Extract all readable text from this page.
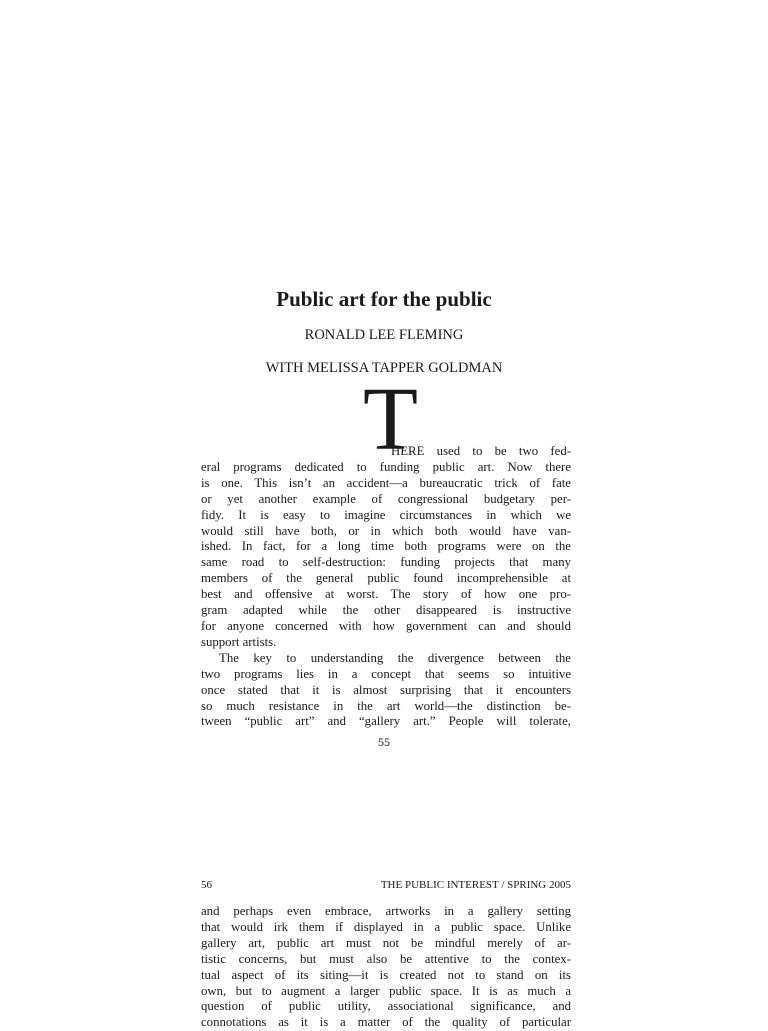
Public art for the public
RONALD LEE FLEMING
WITH MELISSA TAPPER GOLDMAN
T
HERE used to be two fed-
eral programs dedicated to funding public art. Now there
is one. This isn’t an accident—a bureaucratic trick of fate
or yet another example of congressional budgetary per-
fidy. It is easy to imagine circumstances in which we
would still have both, or in which both would have van-
ished. In fact, for a long time both programs were on the
same road to self-destruction: funding projects that many
members of the general public found incomprehensible at
best and offensive at worst. The story of how one pro-
gram adapted while the other disappeared is instructive
for anyone concerned with how government can and should
support artists.
The key to understanding the divergence between the
two programs lies in a concept that seems so intuitive
once stated that it is almost surprising that it encounters
so much resistance in the art world—the distinction be-
tween “public art” and “gallery art.” People will tolerate,
55
56	THE PUBLIC INTEREST / SPRING 2005
and perhaps even embrace, artworks in a gallery setting
that would irk them if displayed in a public space. Unlike
gallery art, public art must not be mindful merely of ar-
tistic concerns, but must also be attentive to the contex-
tual aspect of its siting—it is created not to stand on its
own, but to augment a larger public space. It is as much a
question of public utility, associational significance, and
connotations as it is a matter of the quality of particular
